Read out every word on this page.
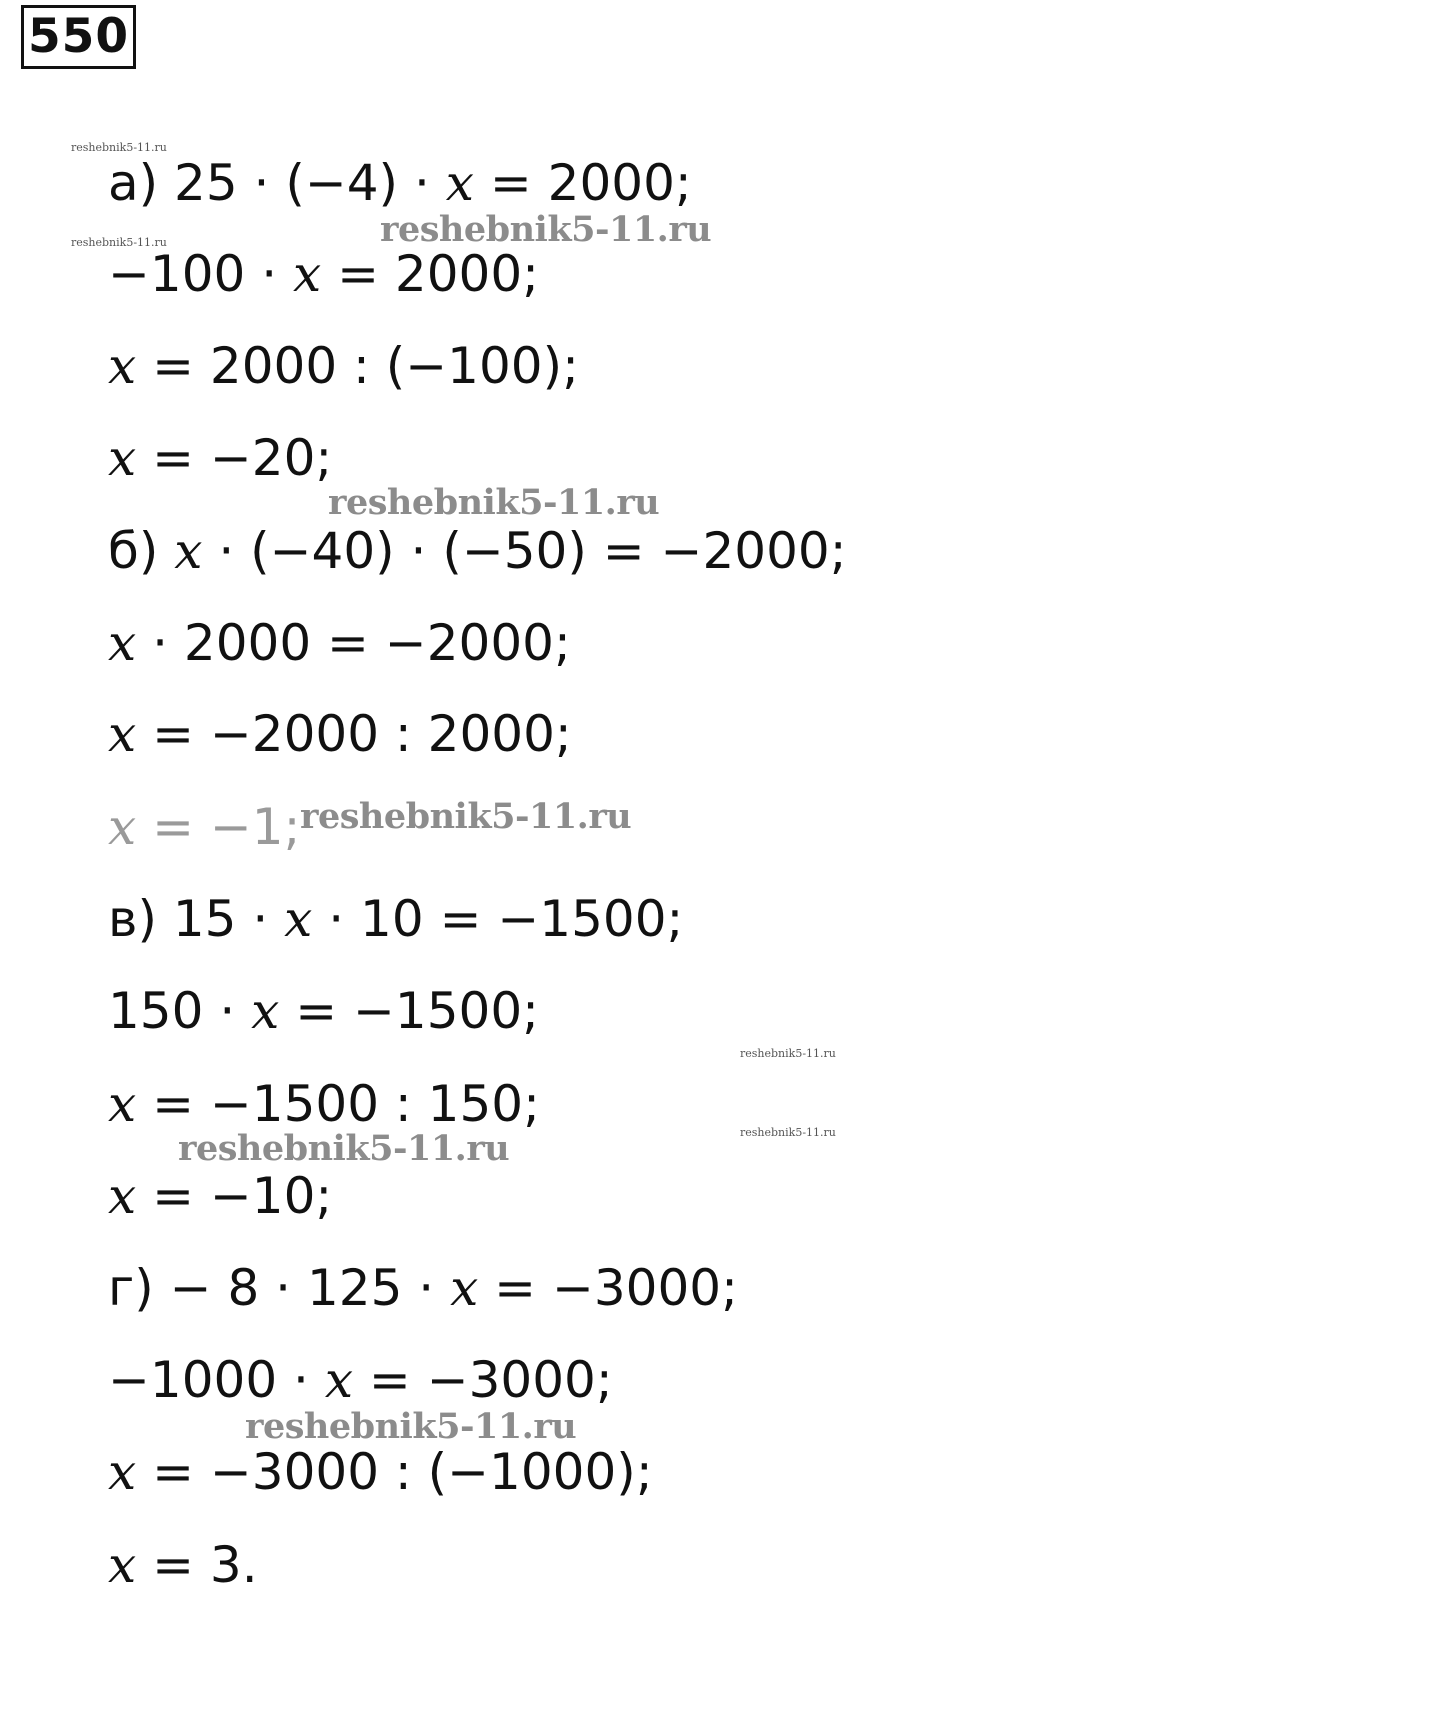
550
а) 25 · (−4) · x = 2000;
−100 · x = 2000;
x = 2000 : (−100);
x = −20;
б) x · (−40) · (−50) = −2000;
x · 2000 = −2000;
x = −2000 : 2000;
x = −1;
в) 15 · x · 10 = −1500;
150 · x = −1500;
x = −1500 : 150;
x = −10;
г) − 8 · 125 · x = −3000;
−1000 · x = −3000;
x = −3000 : (−1000);
x = 3.
reshebnik5-11.ru
reshebnik5-11.ru	reshebnik5-11.ru
reshebnik5-11.ru
reshebnik5-11.ru
reshebnik5-11.ru
reshebnik5-11.ru
reshebnik5-11.ru
reshebnik5-11.ru
